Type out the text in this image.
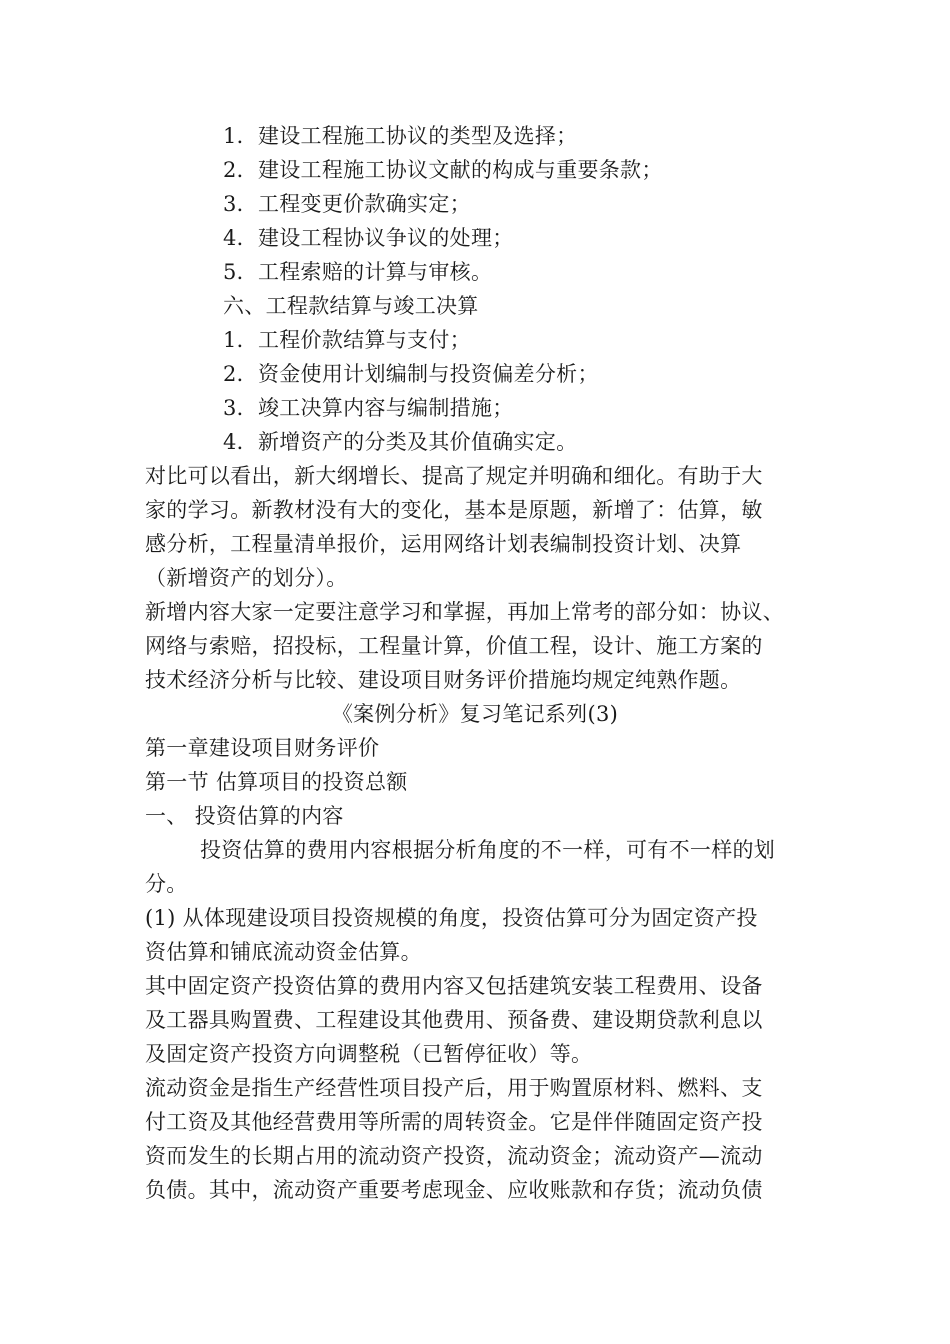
1．建设工程施工协议的类型及选择；
2．建设工程施工协议文献的构成与重要条款；
3．工程变更价款确实定；
4．建设工程协议争议的处理；
5．工程索赔的计算与审核。
六、工程款结算与竣工决算
1．工程价款结算与支付；
2．资金使用计划编制与投资偏差分析；
3．竣工决算内容与编制措施；
4．新增资产的分类及其价值确实定。
对比可以看出，新大纲增长、提高了规定并明确和细化。有助于大
家的学习。新教材没有大的变化，基本是原题，新增了：估算，敏
感分析，工程量清单报价，运用网络计划表编制投资计划、决算
（新增资产的划分）。
新增内容大家一定要注意学习和掌握，再加上常考的部分如：协议、
网络与索赔，招投标，工程量计算，价值工程，设计、施工方案的
技术经济分析与比较、建设项目财务评价措施均规定纯熟作题。
《案例分析》复习笔记系列(3)
第一章建设项目财务评价
第一节 估算项目的投资总额
一、 投资估算的内容
投资估算的费用内容根据分析角度的不一样，可有不一样的划
分。
(1) 从体现建设项目投资规模的角度，投资估算可分为固定资产投
资估算和铺底流动资金估算。
其中固定资产投资估算的费用内容又包括建筑安装工程费用、设备
及工器具购置费、工程建设其他费用、预备费、建设期贷款利息以
及固定资产投资方向调整税（已暂停征收）等。
流动资金是指生产经营性项目投产后，用于购置原材料、燃料、支
付工资及其他经营费用等所需的周转资金。它是伴伴随固定资产投
资而发生的长期占用的流动资产投资，流动资金；流动资产—流动
负债。其中，流动资产重要考虑现金、应收账款和存货；流动负债
